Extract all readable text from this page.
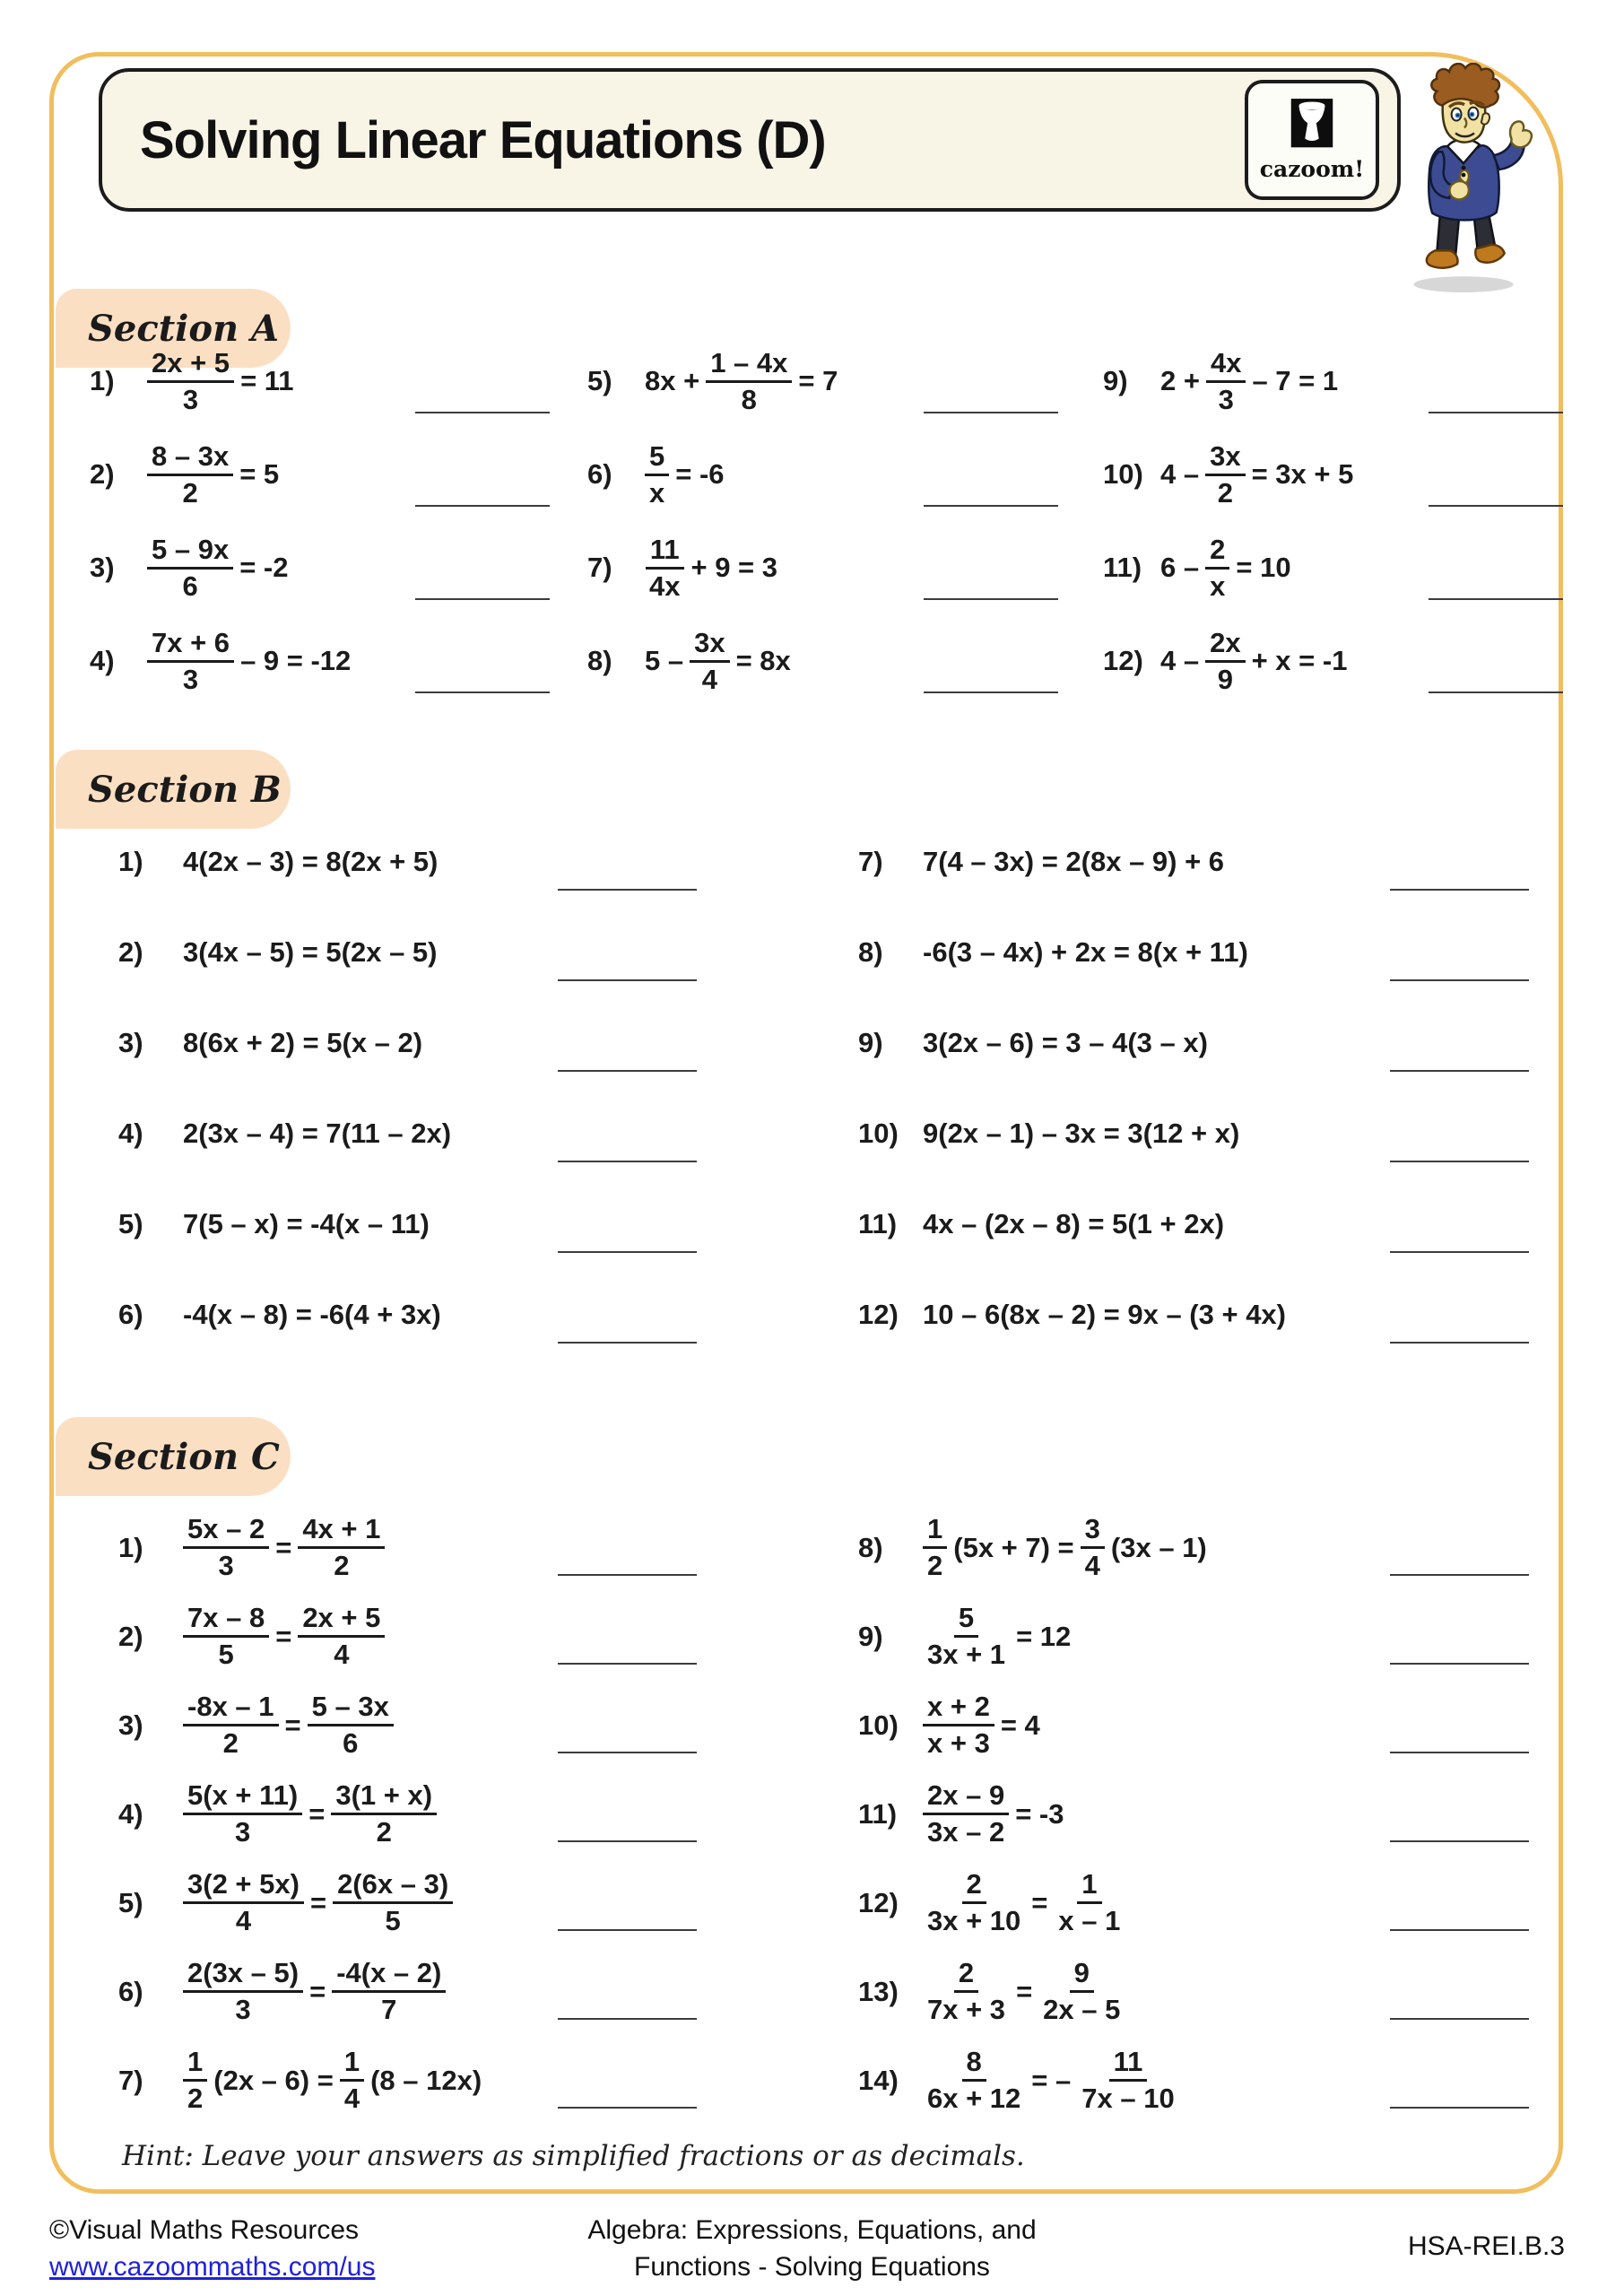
Solving Linear Equations (D)	cazoom!
Section A
1)	$\frac{2x + 5}{3} = 11$
2)	$\frac{8 - 3x}{2} = 5$
3)	$\frac{5 - 9x}{6} = -2$
4)	$\frac{7x + 6}{3} - 9 = -12$
5)	$8x + \frac{1 - 4x}{8} = 7$
6)	$\frac{5}{x} = -6$
7)	$\frac{11}{4x} + 9 = 3$
8)	$5 - \frac{3x}{4} = 8x$
9)	$2 + \frac{4x}{3} - 7 = 1$
10) $4 - \frac{3x}{2} = 3x + 5$
11) $6 - \frac{2}{x} = 10$
12) $4 - \frac{2x}{9} + x = -1$
Section B
1)	4(2x – 3) = 8(2x + 5)
2)	3(4x – 5) = 5(2x – 5)
3)	8(6x + 2) = 5(x – 2)
4)	2(3x – 4) = 7(11 – 2x)
5)	7(5 – x) = -4(x – 11)
6)	-4(x – 8) = -6(4 + 3x)
7)	7(4 – 3x) = 2(8x – 9) + 6
8)	-6(3 – 4x) + 2x = 8(x + 11)
9)	3(2x – 6) = 3 – 4(3 – x)
10) 9(2x – 1) – 3x = 3(12 + x)
11) 4x – (2x – 8) = 5(1 + 2x)
12) 10 – 6(8x – 2) = 9x – (3 + 4x)
Section C
1)	$\frac{5x - 2}{3} = \frac{4x + 1}{2}$
2)	$\frac{7x - 8}{5} = \frac{2x + 5}{4}$
3)	$\frac{-8x - 1}{2} = \frac{5 - 3x}{6}$
4)	$\frac{5(x + 11)}{3} = \frac{3(1 + x)}{2}$
5)	$\frac{3(2 + 5x)}{4} = \frac{2(6x - 3)}{5}$
6)	$\frac{2(3x - 5)}{3} = \frac{-4(x - 2)}{7}$
7)	$\frac{1}{2} (2x - 6) = \frac{1}{4} (8 - 12x)$
8)	$\frac{1}{2} (5x + 7) = \frac{3}{4} (3x - 1)$
9)	$\frac{5}{3x + 1} = 12$
$10) \frac{x + 2}{x + 3} = 4$
$11) \frac{2x - 9}{3x - 2} = -3$
$12) \frac{2}{3x + 10} = \frac{1}{x - 1}$
$13) \frac{2}{7x + 3} = \frac{9}{2x - 5}$
$14) \frac{8}{6x + 12}$ = – $\frac{11}{7x - 10}$
Hint: Leave your answers as simplified fractions or as decimals.
©Visual Maths Resources
www.cazoommaths.com/us
Algebra: Expressions, Equations, and
Functions - Solving Equations
HSA-REI.B.3
